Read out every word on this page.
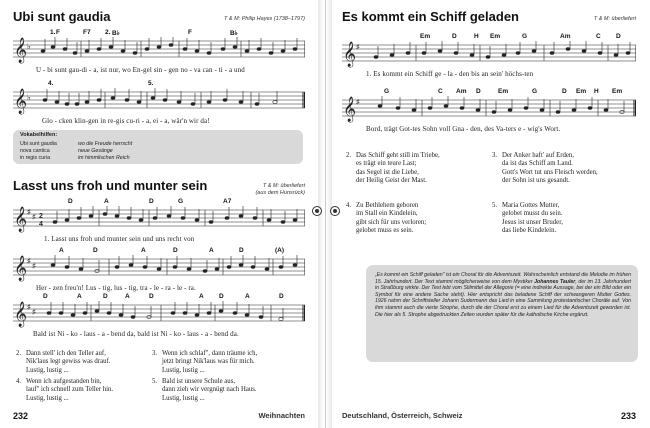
Ubi sunt gaudia	T & M: Philip Hayes (1738–1797)
1. F	F7 2. B♭	F	B♭
𝄞 ♭
U - bi sunt gau-di - a, ist nur, wo En-gel sin - gen no - va can - ti - a und
4.	5.
𝄞 ♭
Glo - cken klin-gen in re-gis cu-ri - a, ei - a, wär'n wir da!
Vokabelhilfen:
Ubi sunt gaudia	wo die Freude herrscht
nova cantica	neue Gesänge
in regis curia	im himmlischen Reich
Lasst uns froh und munter sein	T & M: überliefert
(aus dem Hunsrück)
D	A	D	G	A7
𝄞 ♯
♯ 2
4
1. Lasst uns froh und munter sein und uns recht von
A	D	A	D	A	D	(A)
𝄞 ♯
♯
Her - zen freu'n! Lus - tig, lus - tig, tra - le - ra - le - ra.
D	A	D	A	D	A D	A	D
𝄞 ♯
♯
Bald ist Ni - ko - laus - a - bend da, bald ist Ni - ko - laus - a - bend da.
2. Dann stell' ich den Teller auf,
Nik'laus legt gewiss was drauf.
Lustig, lustig ...
3. Wenn ich schlaf", dann träume ich,
jetzt bringt Nik'laus was für mich.
Lustig, lustig ...
4. Wenn ich aufgestanden bin,
lauf" ich schnell zum Teller hin.
Lustig, lustig ...
5. Bald ist unsere Schule aus,
dann zieh wir vergnügt nach Haus.
Lustig, lustig ...
232	Weihnachten
Es kommt ein Schiff geladen	T & M: überliefert
Em	D	H Em	G	Am	C D
𝄞 ♯
1. Es kommt ein Schiff ge - la - den bis an sein' höchs-ten
G	C Am D	Em	G	D Em H Em
𝄞 ♯
Bord, trägt Got-tes Sohn voll Gna - den, des Va-ters e - wig's Wort.
2. Das Schiff geht still im Triebe,
es trägt ein teure Last;
das Segel ist die Liebe,
der Heilig Geist der Mast.
3. Der Anker haft' auf Erden,
da ist das Schiff am Land.
Gott's Wort tut uns Fleisch werden,
der Sohn ist uns gesandt.
4. Zu Bethlehem geboren
im Stall ein Kindelein,
gibt sich für uns verloren;
gelobet muss es sein.
5. Maria Gottes Mutter,
gelobet musst du sein.
Jesus ist unser Bruder,
das liebe Kindelein.
„Es kommt ein Schiff geladen" ist ein Choral für die Adventszeit. Wahrscheinlich entstand die Melodie im frühen 15. Jahrhundert. Der Text stammt möglicherweise von dem Mystiker Johannes Tauler, der im 13. Jahrhundert in Straßburg wirkte. Der Text lebt vom Stilmittel der Allegorie (= eine indirekte Aussage, bei der ein Bild oder ein Symbol für eine andere Sache steht). Hier entspricht das beladene Schiff der schwangeren Mutter Gottes. 1926 nahm der Schriftsteller Johann Sudermann das Lied in eine Sammlung protestantischer Choräle auf. Von ihm stammt auch die vierte Strophe, durch die der Choral erst zu einem Lied für die Adventszeit geworden ist. Die hier als 5. Strophe abgedruckten Zeilen wurden später für die katholische Kirche ergänzt.
Deutschland, Österreich, Schweiz	233
